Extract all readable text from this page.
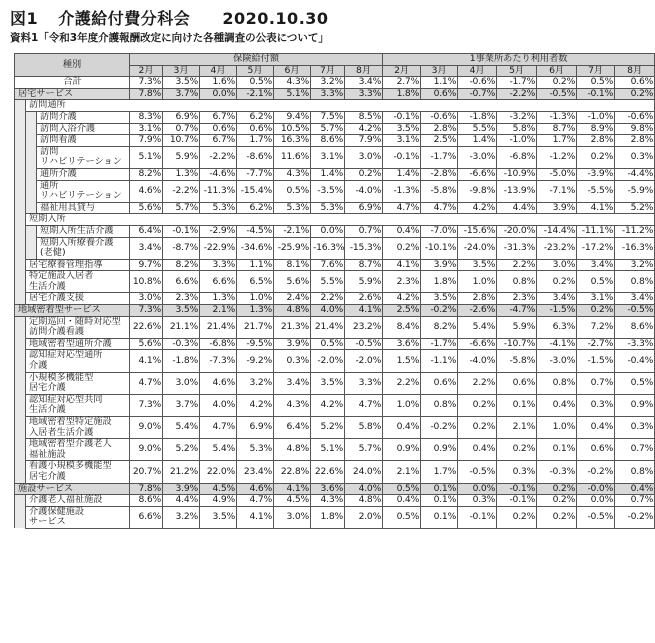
図1 介護給付費分科会 2020.10.30
資料1「令和3年度介護報酬改定に向けた各種調査の公表について」
種別			保険給付額							1事業所あたり利用者数						
			2月	3月	4月	5月	6月	7月	8月	2月	3月	4月	5月	6月	7月	8月
合計			7.3%	3.5%	1.6%	0.5%	4.3%	3.2%	3.4%	2.7%	1.1%	-0.6%	-1.7%	0.2%	0.5%	0.6%
居宅サービス			7.8%	3.7%	0.0%	-2.1%	5.1%	3.3%	3.3%	1.8%	0.6%	-0.7%	-2.2%	-0.5%	-0.1%	0.2%
	訪問通所															
		訪問介護	8.3%	6.9%	6.7%	6.2%	9.4%	7.5%	8.5%	-0.1%	-0.6%	-1.8%	-3.2%	-1.3%	-1.0%	-0.6%
		訪問入浴介護	3.1%	0.7%	0.6%	0.6%	10.5%	5.7%	4.2%	3.5%	2.8%	5.5%	5.8%	8.7%	8.9%	9.8%
		訪問看護	7.9%	10.7%	6.7%	1.7%	16.3%	8.6%	7.9%	3.1%	2.5%	1.4%	-1.0%	1.7%	2.8%	2.8%
		訪問
リハビリテーション	5.1%	5.9%	-2.2%	-8.6%	11.6%	3.1%	3.0%	-0.1%	-1.7%	-3.0%	-6.8%	-1.2%	0.2%	0.3%
		通所介護	8.2%	1.3%	-4.6%	-7.7%	4.3%	1.4%	0.2%	1.4%	-2.8%	-6.6%	-10.9%	-5.0%	-3.9%	-4.4%
		通所
リハビリテーション	4.6%	-2.2%	-11.3%	-15.4%	0.5%	-3.5%	-4.0%	-1.3%	-5.8%	-9.8%	-13.9%	-7.1%	-5.5%	-5.9%
		福祉用具貸与	5.6%	5.7%	5.3%	6.2%	5.3%	5.3%	6.9%	4.7%	4.7%	4.2%	4.4%	3.9%	4.1%	5.2%
	短期入所															
		短期入所生活介護	6.4%	-0.1%	-2.9%	-4.5%	-2.1%	0.0%	0.7%	0.4%	-7.0%	-15.6%	-20.0%	-14.4%	-11.1%	-11.2%
		短期入所療養介護
(老健)	3.4%	-8.7%	-22.9%	-34.6%	-25.9%	-16.3%	-15.3%	0.2%	-10.1%	-24.0%	-31.3%	-23.2%	-17.2%	-16.3%
	居宅療養管理指導		9.7%	8.2%	3.3%	1.1%	8.1%	7.6%	8.7%	4.1%	3.9%	3.5%	2.2%	3.0%	3.4%	3.2%
	特定施設入居者
生活介護		10.8%	6.6%	6.6%	6.5%	5.6%	5.5%	5.9%	2.3%	1.8%	1.0%	0.8%	0.2%	0.5%	0.8%
	居宅介護支援		3.0%	2.3%	1.3%	1.0%	2.4%	2.2%	2.6%	4.2%	3.5%	2.8%	2.3%	3.4%	3.1%	3.4%
地域密着型サービス			7.3%	3.5%	2.1%	1.3%	4.8%	4.0%	4.1%	2.5%	-0.2%	-2.6%	-4.7%	-1.5%	0.2%	-0.5%
	定期巡回・随時対応型
訪問介護看護		22.6%	21.1%	21.4%	21.7%	21.3%	21.4%	23.2%	8.4%	8.2%	5.4%	5.9%	6.3%	7.2%	8.6%
	地域密着型通所介護		5.6%	-0.3%	-6.8%	-9.5%	3.9%	0.5%	-0.5%	3.6%	-1.7%	-6.6%	-10.7%	-4.1%	-2.7%	-3.3%
	認知症対応型通所
介護		4.1%	-1.8%	-7.3%	-9.2%	0.3%	-2.0%	-2.0%	1.5%	-1.1%	-4.0%	-5.8%	-3.0%	-1.5%	-0.4%
	小規模多機能型
居宅介護		4.7%	3.0%	4.6%	3.2%	3.4%	3.5%	3.3%	2.2%	0.6%	2.2%	0.6%	0.8%	0.7%	0.5%
	認知症対応型共同
生活介護		7.3%	3.7%	4.0%	4.2%	4.3%	4.2%	4.7%	1.0%	0.8%	0.2%	0.1%	0.4%	0.3%	0.9%
	地域密着型特定施設
入居者生活介護		9.0%	5.4%	4.7%	6.9%	6.4%	5.2%	5.8%	0.4%	-0.2%	0.2%	2.1%	1.0%	0.4%	0.3%
	地域密着型介護老人
福祉施設		9.0%	5.2%	5.4%	5.3%	4.8%	5.1%	5.7%	0.9%	0.9%	0.4%	0.2%	0.1%	0.6%	0.7%
	看護小規模多機能型
居宅介護		20.7%	21.2%	22.0%	23.4%	22.8%	22.6%	24.0%	2.1%	1.7%	-0.5%	0.3%	-0.3%	-0.2%	0.8%
施設サービス			7.8%	3.9%	4.5%	4.6%	4.1%	3.6%	4.0%	0.5%	0.1%	0.0%	-0.1%	0.2%	-0.0%	0.4%
	介護老人福祉施設		8.6%	4.4%	4.9%	4.7%	4.5%	4.3%	4.8%	0.4%	0.1%	0.3%	-0.1%	0.2%	0.0%	0.7%
	介護保健施設
サービス		6.6%	3.2%	3.5%	4.1%	3.0%	1.8%	2.0%	0.5%	0.1%	-0.1%	0.2%	0.2%	-0.5%	-0.2%
